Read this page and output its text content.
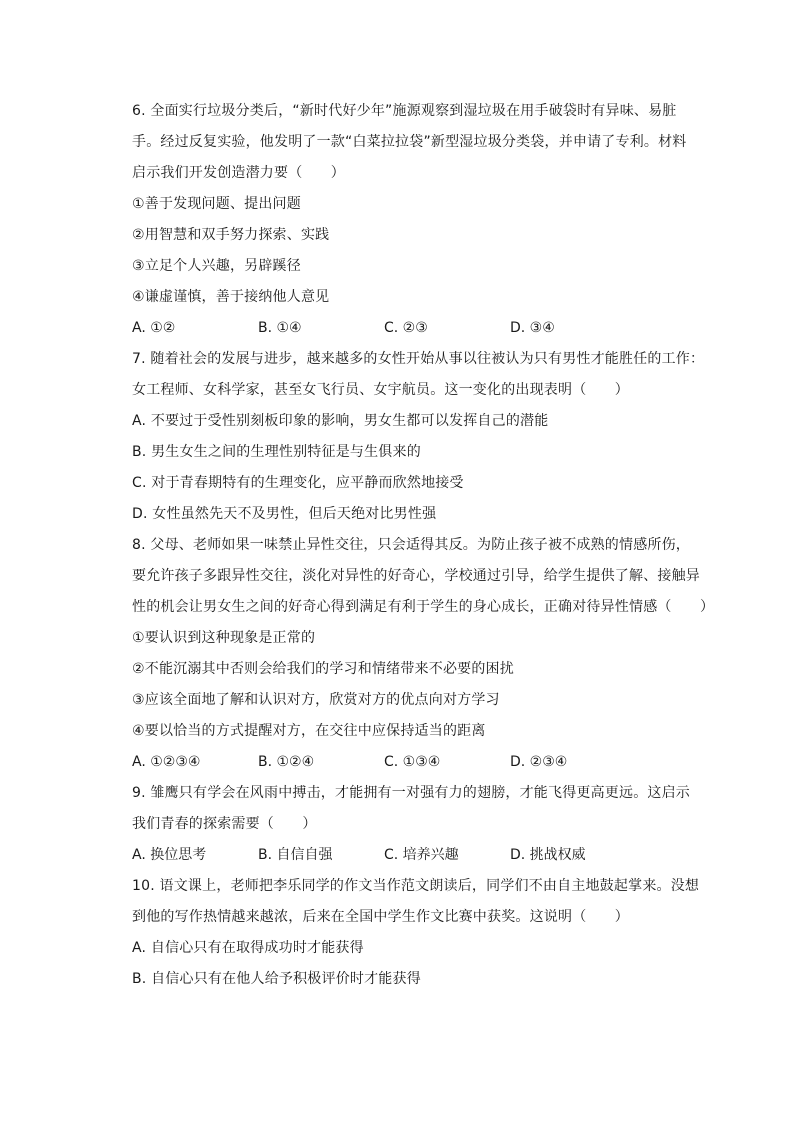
6. 全面实行垃圾分类后，“新时代好少年”施源观察到湿垃圾在用手破袋时有异味、易脏
手。经过反复实验，他发明了一款“白菜拉拉袋”新型湿垃圾分类袋，并申请了专利。材料
启示我们开发创造潜力要（　　）
①善于发现问题、提出问题
②用智慧和双手努力探索、实践
③立足个人兴趣，另辟蹊径
④谦虚谨慎，善于接纳他人意见
A. ①②	B. ①④	C. ②③	D. ③④
7. 随着社会的发展与进步，越来越多的女性开始从事以往被认为只有男性才能胜任的工作：
女工程师、女科学家，甚至女飞行员、女宇航员。这一变化的出现表明（　　）
A. 不要过于受性别刻板印象的影响，男女生都可以发挥自己的潜能
B. 男生女生之间的生理性别特征是与生俱来的
C. 对于青春期特有的生理变化，应平静而欣然地接受
D. 女性虽然先天不及男性，但后天绝对比男性强
8. 父母、老师如果一味禁止异性交往，只会适得其反。为防止孩子被不成熟的情感所伤，
要允许孩子多跟异性交往，淡化对异性的好奇心，学校通过引导，给学生提供了解、接触异
性的机会让男女生之间的好奇心得到满足有利于学生的身心成长，正确对待异性情感（　　）
①要认识到这种现象是正常的
②不能沉溺其中否则会给我们的学习和情绪带来不必要的困扰
③应该全面地了解和认识对方，欣赏对方的优点向对方学习
④要以恰当的方式提醒对方，在交往中应保持适当的距离
A. ①②③④	B. ①②④	C. ①③④	D. ②③④
9. 雏鹰只有学会在风雨中搏击，才能拥有一对强有力的翅膀，才能飞得更高更远。这启示
我们青春的探索需要（　　）
A. 换位思考	B. 自信自强	C. 培养兴趣	D. 挑战权威
10. 语文课上，老师把李乐同学的作文当作范文朗读后，同学们不由自主地鼓起掌来。没想
到他的写作热情越来越浓，后来在全国中学生作文比赛中获奖。这说明（　　）
A. 自信心只有在取得成功时才能获得
B. 自信心只有在他人给予积极评价时才能获得
